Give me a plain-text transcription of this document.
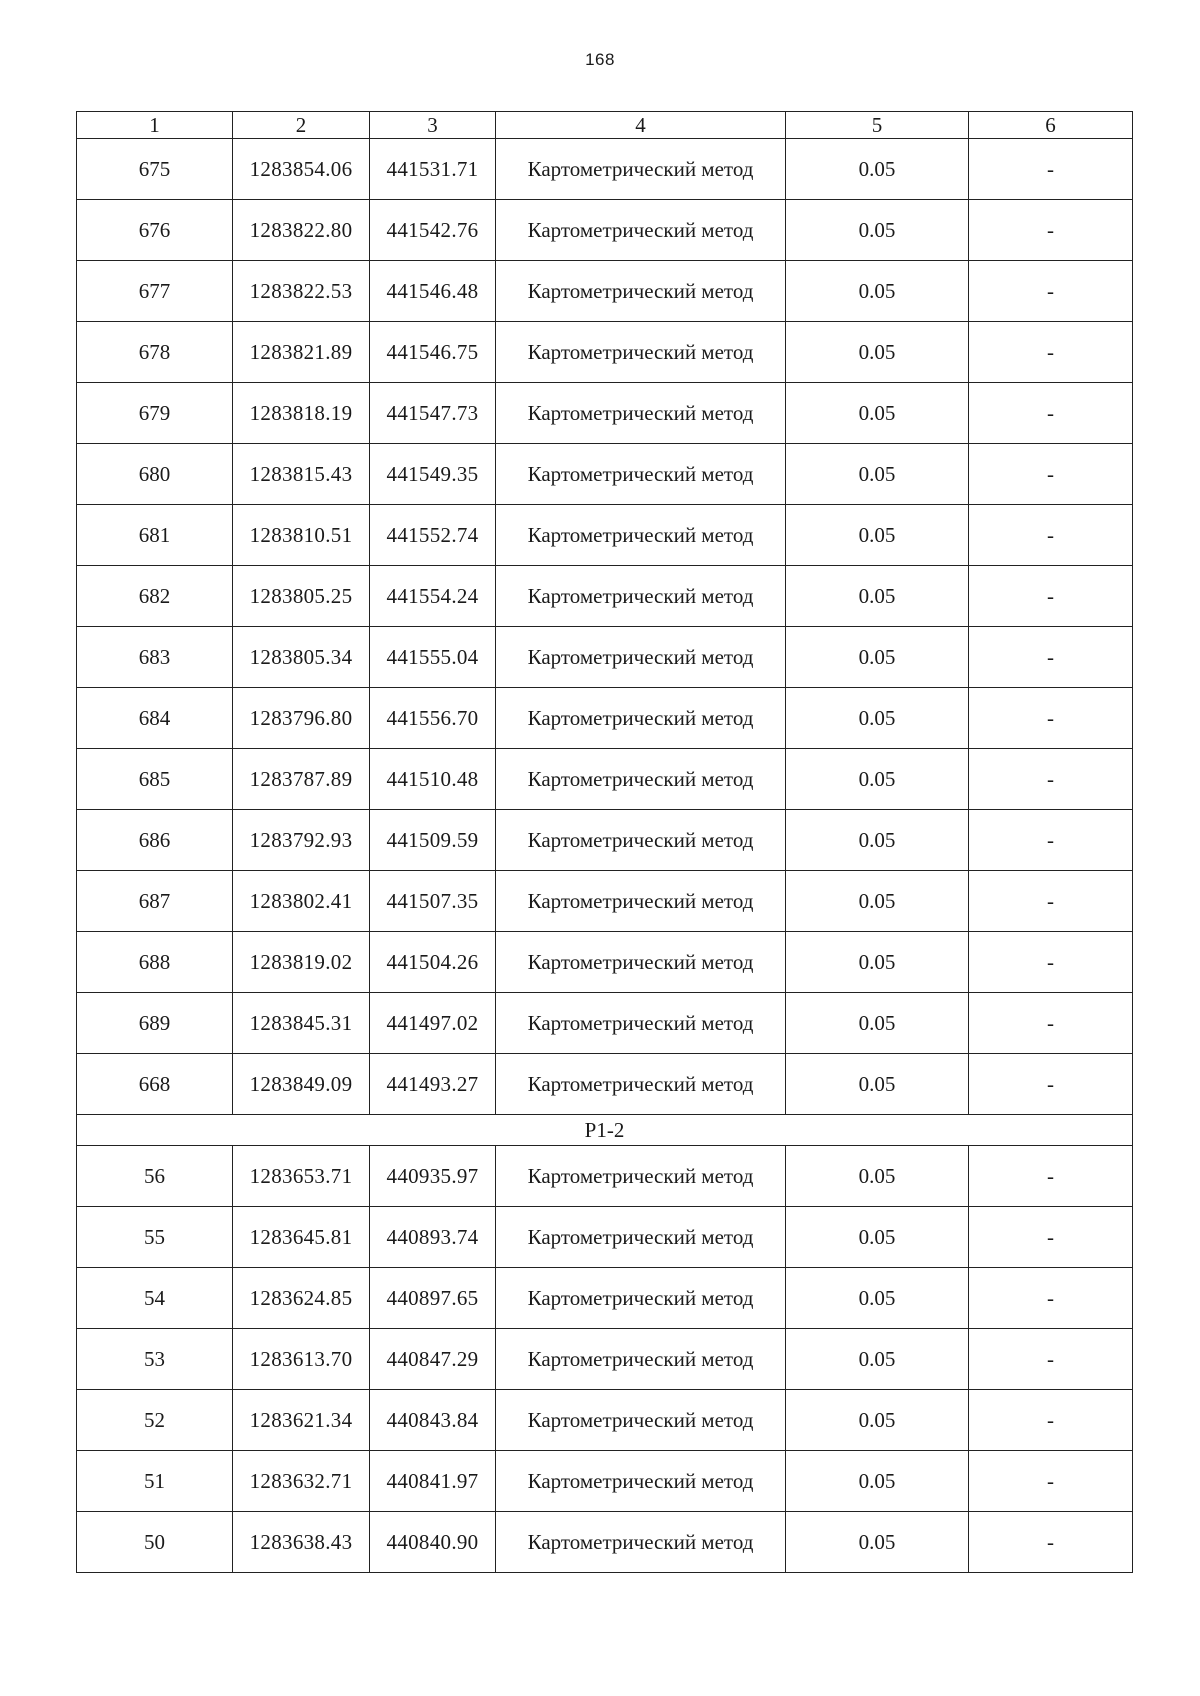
168
1	2	3	4	5	6
675	1283854.06	441531.71	Картометрический метод	0.05	-
676	1283822.80	441542.76	Картометрический метод	0.05	-
677	1283822.53	441546.48	Картометрический метод	0.05	-
678	1283821.89	441546.75	Картометрический метод	0.05	-
679	1283818.19	441547.73	Картометрический метод	0.05	-
680	1283815.43	441549.35	Картометрический метод	0.05	-
681	1283810.51	441552.74	Картометрический метод	0.05	-
682	1283805.25	441554.24	Картометрический метод	0.05	-
683	1283805.34	441555.04	Картометрический метод	0.05	-
684	1283796.80	441556.70	Картометрический метод	0.05	-
685	1283787.89	441510.48	Картометрический метод	0.05	-
686	1283792.93	441509.59	Картометрический метод	0.05	-
687	1283802.41	441507.35	Картометрический метод	0.05	-
688	1283819.02	441504.26	Картометрический метод	0.05	-
689	1283845.31	441497.02	Картометрический метод	0.05	-
668	1283849.09	441493.27	Картометрический метод	0.05	-
Р1-2					
56	1283653.71	440935.97	Картометрический метод	0.05	-
55	1283645.81	440893.74	Картометрический метод	0.05	-
54	1283624.85	440897.65	Картометрический метод	0.05	-
53	1283613.70	440847.29	Картометрический метод	0.05	-
52	1283621.34	440843.84	Картометрический метод	0.05	-
51	1283632.71	440841.97	Картометрический метод	0.05	-
50	1283638.43	440840.90	Картометрический метод	0.05	-
